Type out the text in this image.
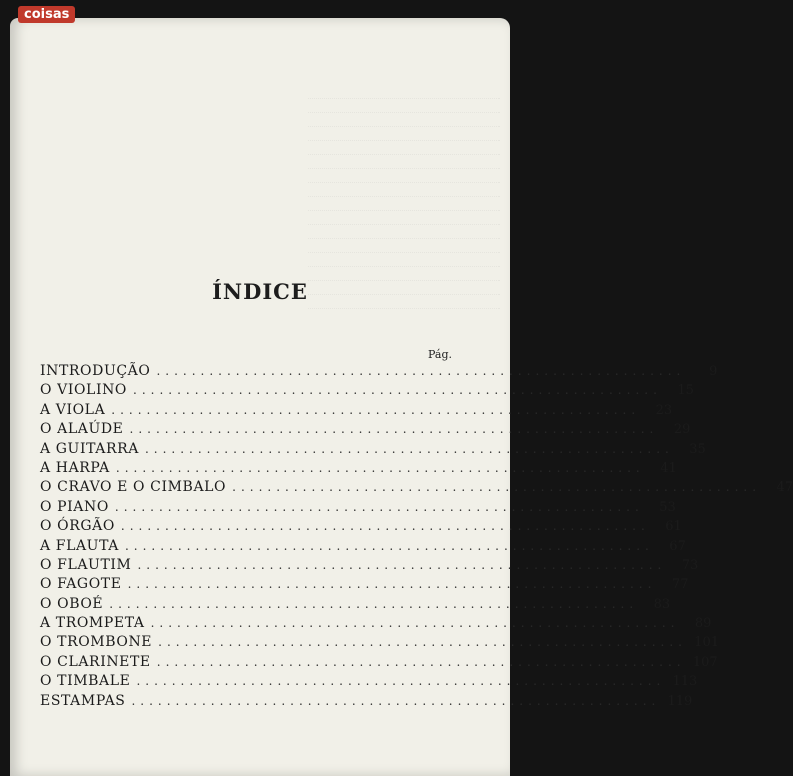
coisas
ÍNDICE
Pág.
INTRODUÇÃO ............................................................	9
O VIOLINO ............................................................	15
A VIOLA ............................................................	23
O ALAÚDE ............................................................	29
A GUITARRA ............................................................	35
A HARPA ............................................................	41
O CRAVO E O CIMBALO ............................................................	47
O PIANO ............................................................	53
O ÓRGÃO ............................................................	61
A FLAUTA ............................................................	67
O FLAUTIM ............................................................	73
O FAGOTE ............................................................	77
O OBOÉ ............................................................	83
A TROMPETA ............................................................	89
O TROMBONE ............................................................ 101
O CLARINETE ............................................................ 107
O TIMBALE ............................................................ 113
ESTAMPAS ............................................................ 119
